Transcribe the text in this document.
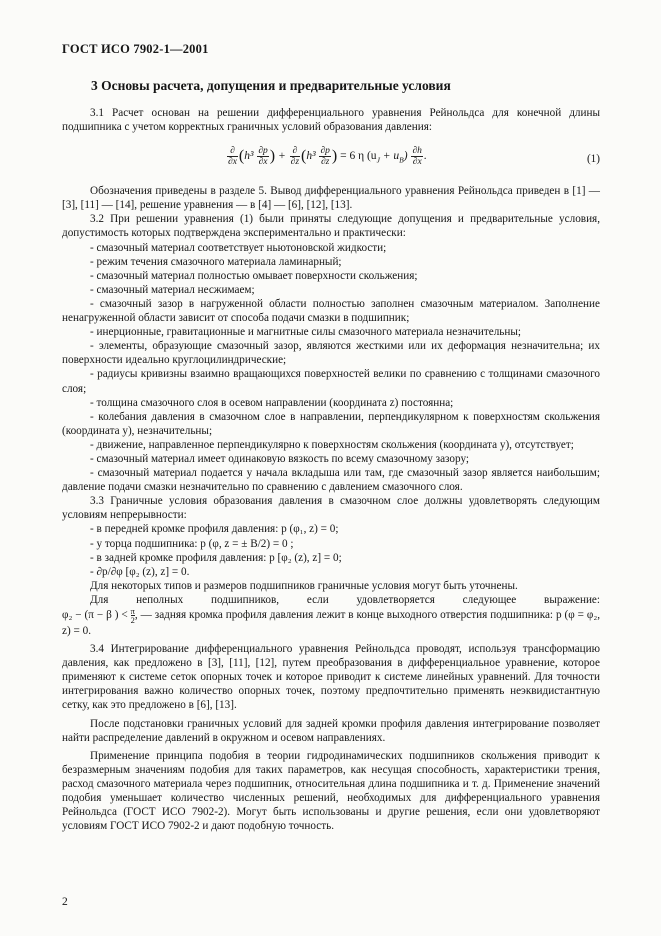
ГОСТ ИСО 7902-1—2001
3 Основы расчета, допущения и предварительные условия

3.1 Расчет основан на решении дифференциального уравнения Рейнольдса для конечной длины подшипника с учетом корректных граничных условий образования давления:

$\frac{\partial}{\partial x} (h^3 \frac{\partial p}{\partial x}$ ) + $\frac{\partial}{\partial z} (h^3 \frac{\partial p}{\partial z}$ ) = 6 η $(u_J + u_B) \frac{\partial h}{\partial x}$ .	(1)

Обозначения приведены в разделе 5. Вывод дифференциального уравнения Рейнольдса приведен в [1] —[3], [11] — [14], решение уравнения — в [4] — [6], [12], [13].

3.2 При решении уравнения (1) были приняты следующие допущения и предварительные условия, допустимость которых подтверждена экспериментально и практически:

- смазочный материал соответствует ньютоновской жидкости;

- режим течения смазочного материала ламинарный;

- смазочный материал полностью омывает поверхности скольжения;

- смазочный материал несжимаем;

- смазочный зазор в нагруженной области полностью заполнен смазочным материалом. Заполнение ненагруженной области зависит от способа подачи смазки в подшипник;

- инерционные, гравитационные и магнитные силы смазочного материала незначительны;

- элементы, образующие смазочный зазор, являются жесткими или их деформация незначительна; их поверхности идеально круглоцилиндрические;

- радиусы кривизны взаимно вращающихся поверхностей велики по сравнению с толщинами смазочного слоя;

- толщина смазочного слоя в осевом направлении (координата z) постоянна;

- колебания давления в смазочном слое в направлении, перпендикулярном к поверхностям скольжения (координата y), незначительны;

- движение, направленное перпендикулярно к поверхностям скольжения (координата y), отсутствует;

- смазочный материал имеет одинаковую вязкость по всему смазочному зазору;

- смазочный материал подается у начала вкладыша или там, где смазочный зазор является наибольшим; давление подачи смазки незначительно по сравнению с давлением смазочного слоя.

3.3 Граничные условия образования давления в смазочном слое должны удовлетворять следующим условиям непрерывности:

- в передней кромке профиля давления: p (φ₁, z) = 0;

- у торца подшипника: p (φ, z = ± B/2) = 0 ;

- в задней кромке профиля давления: p [φ₂ (z), z] = 0;

- ∂p/∂φ [φ₂ (z), z] = 0.

Для некоторых типов и размеров подшипников граничные условия могут быть уточнены.

Для неполных подшипников, если удовлетворяется следующее выражение:

φ₂ − (π − β ) < $\frac{\pi}{2}$ , — задняя кромка профиля давления лежит в конце выходного отверстия подшипника: p (φ = φ₂, z) = 0.

3.4 Интегрирование дифференциального уравнения Рейнольдса проводят, используя трансформацию давления, как предложено в [3], [11], [12], путем преобразования в дифференциальное уравнение, которое применяют к системе сеток опорных точек и которое приводит к системе линейных уравнений. Для точности интегрирования важно количество опорных точек, поэтому предпочтительно применять неэквидистантную сетку, как это предложено в [6], [13].

После подстановки граничных условий для задней кромки профиля давления интегрирование позволяет найти распределение давлений в окружном и осевом направлениях.

Применение принципа подобия в теории гидродинамических подшипников скольжения приводит к безразмерным значениям подобия для таких параметров, как несущая способность, характеристики трения, расход смазочного материала через подшипник, относительная длина подшипника и т. д. Применение значений подобия уменьшает количество численных решений, необходимых для дифференциального уравнения Рейнольдса (ГОСТ ИСО 7902-2). Могут быть использованы и другие решения, если они удовлетворяют условиям ГОСТ ИСО 7902-2 и дают подобную точность.

2
